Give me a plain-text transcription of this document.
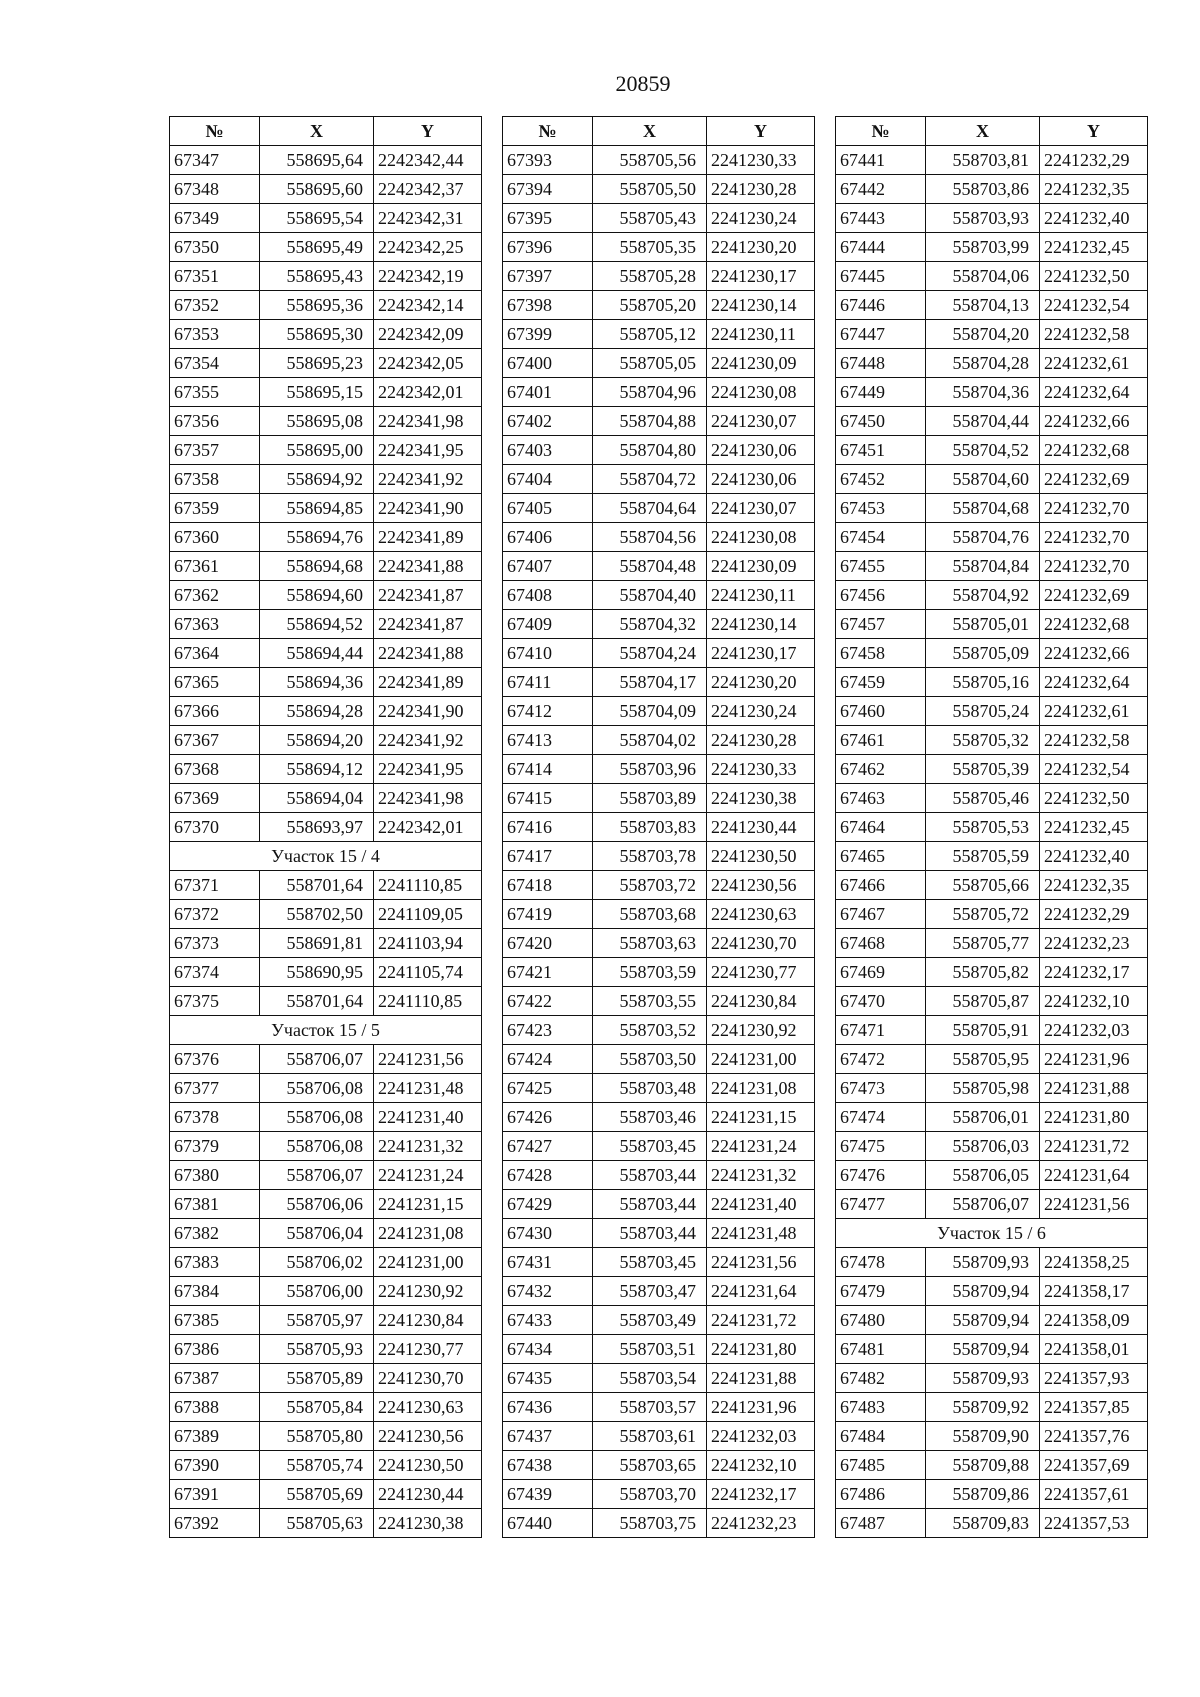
20859
№	X	Y
67347	558695,64	2242342,44
67348	558695,60	2242342,37
67349	558695,54	2242342,31
67350	558695,49	2242342,25
67351	558695,43	2242342,19
67352	558695,36	2242342,14
67353	558695,30	2242342,09
67354	558695,23	2242342,05
67355	558695,15	2242342,01
67356	558695,08	2242341,98
67357	558695,00	2242341,95
67358	558694,92	2242341,92
67359	558694,85	2242341,90
67360	558694,76	2242341,89
67361	558694,68	2242341,88
67362	558694,60	2242341,87
67363	558694,52	2242341,87
67364	558694,44	2242341,88
67365	558694,36	2242341,89
67366	558694,28	2242341,90
67367	558694,20	2242341,92
67368	558694,12	2242341,95
67369	558694,04	2242341,98
67370	558693,97	2242342,01
Участок 15 / 4		
67371	558701,64	2241110,85
67372	558702,50	2241109,05
67373	558691,81	2241103,94
67374	558690,95	2241105,74
67375	558701,64	2241110,85
Участок 15 / 5		
67376	558706,07	2241231,56
67377	558706,08	2241231,48
67378	558706,08	2241231,40
67379	558706,08	2241231,32
67380	558706,07	2241231,24
67381	558706,06	2241231,15
67382	558706,04	2241231,08
67383	558706,02	2241231,00
67384	558706,00	2241230,92
67385	558705,97	2241230,84
67386	558705,93	2241230,77
67387	558705,89	2241230,70
67388	558705,84	2241230,63
67389	558705,80	2241230,56
67390	558705,74	2241230,50
67391	558705,69	2241230,44
67392	558705,63	2241230,38
№	X	Y
67393	558705,56	2241230,33
67394	558705,50	2241230,28
67395	558705,43	2241230,24
67396	558705,35	2241230,20
67397	558705,28	2241230,17
67398	558705,20	2241230,14
67399	558705,12	2241230,11
67400	558705,05	2241230,09
67401	558704,96	2241230,08
67402	558704,88	2241230,07
67403	558704,80	2241230,06
67404	558704,72	2241230,06
67405	558704,64	2241230,07
67406	558704,56	2241230,08
67407	558704,48	2241230,09
67408	558704,40	2241230,11
67409	558704,32	2241230,14
67410	558704,24	2241230,17
67411	558704,17	2241230,20
67412	558704,09	2241230,24
67413	558704,02	2241230,28
67414	558703,96	2241230,33
67415	558703,89	2241230,38
67416	558703,83	2241230,44
67417	558703,78	2241230,50
67418	558703,72	2241230,56
67419	558703,68	2241230,63
67420	558703,63	2241230,70
67421	558703,59	2241230,77
67422	558703,55	2241230,84
67423	558703,52	2241230,92
67424	558703,50	2241231,00
67425	558703,48	2241231,08
67426	558703,46	2241231,15
67427	558703,45	2241231,24
67428	558703,44	2241231,32
67429	558703,44	2241231,40
67430	558703,44	2241231,48
67431	558703,45	2241231,56
67432	558703,47	2241231,64
67433	558703,49	2241231,72
67434	558703,51	2241231,80
67435	558703,54	2241231,88
67436	558703,57	2241231,96
67437	558703,61	2241232,03
67438	558703,65	2241232,10
67439	558703,70	2241232,17
67440	558703,75	2241232,23
№	X	Y
67441	558703,81	2241232,29
67442	558703,86	2241232,35
67443	558703,93	2241232,40
67444	558703,99	2241232,45
67445	558704,06	2241232,50
67446	558704,13	2241232,54
67447	558704,20	2241232,58
67448	558704,28	2241232,61
67449	558704,36	2241232,64
67450	558704,44	2241232,66
67451	558704,52	2241232,68
67452	558704,60	2241232,69
67453	558704,68	2241232,70
67454	558704,76	2241232,70
67455	558704,84	2241232,70
67456	558704,92	2241232,69
67457	558705,01	2241232,68
67458	558705,09	2241232,66
67459	558705,16	2241232,64
67460	558705,24	2241232,61
67461	558705,32	2241232,58
67462	558705,39	2241232,54
67463	558705,46	2241232,50
67464	558705,53	2241232,45
67465	558705,59	2241232,40
67466	558705,66	2241232,35
67467	558705,72	2241232,29
67468	558705,77	2241232,23
67469	558705,82	2241232,17
67470	558705,87	2241232,10
67471	558705,91	2241232,03
67472	558705,95	2241231,96
67473	558705,98	2241231,88
67474	558706,01	2241231,80
67475	558706,03	2241231,72
67476	558706,05	2241231,64
67477	558706,07	2241231,56
Участок 15 / 6		
67478	558709,93	2241358,25
67479	558709,94	2241358,17
67480	558709,94	2241358,09
67481	558709,94	2241358,01
67482	558709,93	2241357,93
67483	558709,92	2241357,85
67484	558709,90	2241357,76
67485	558709,88	2241357,69
67486	558709,86	2241357,61
67487	558709,83	2241357,53
